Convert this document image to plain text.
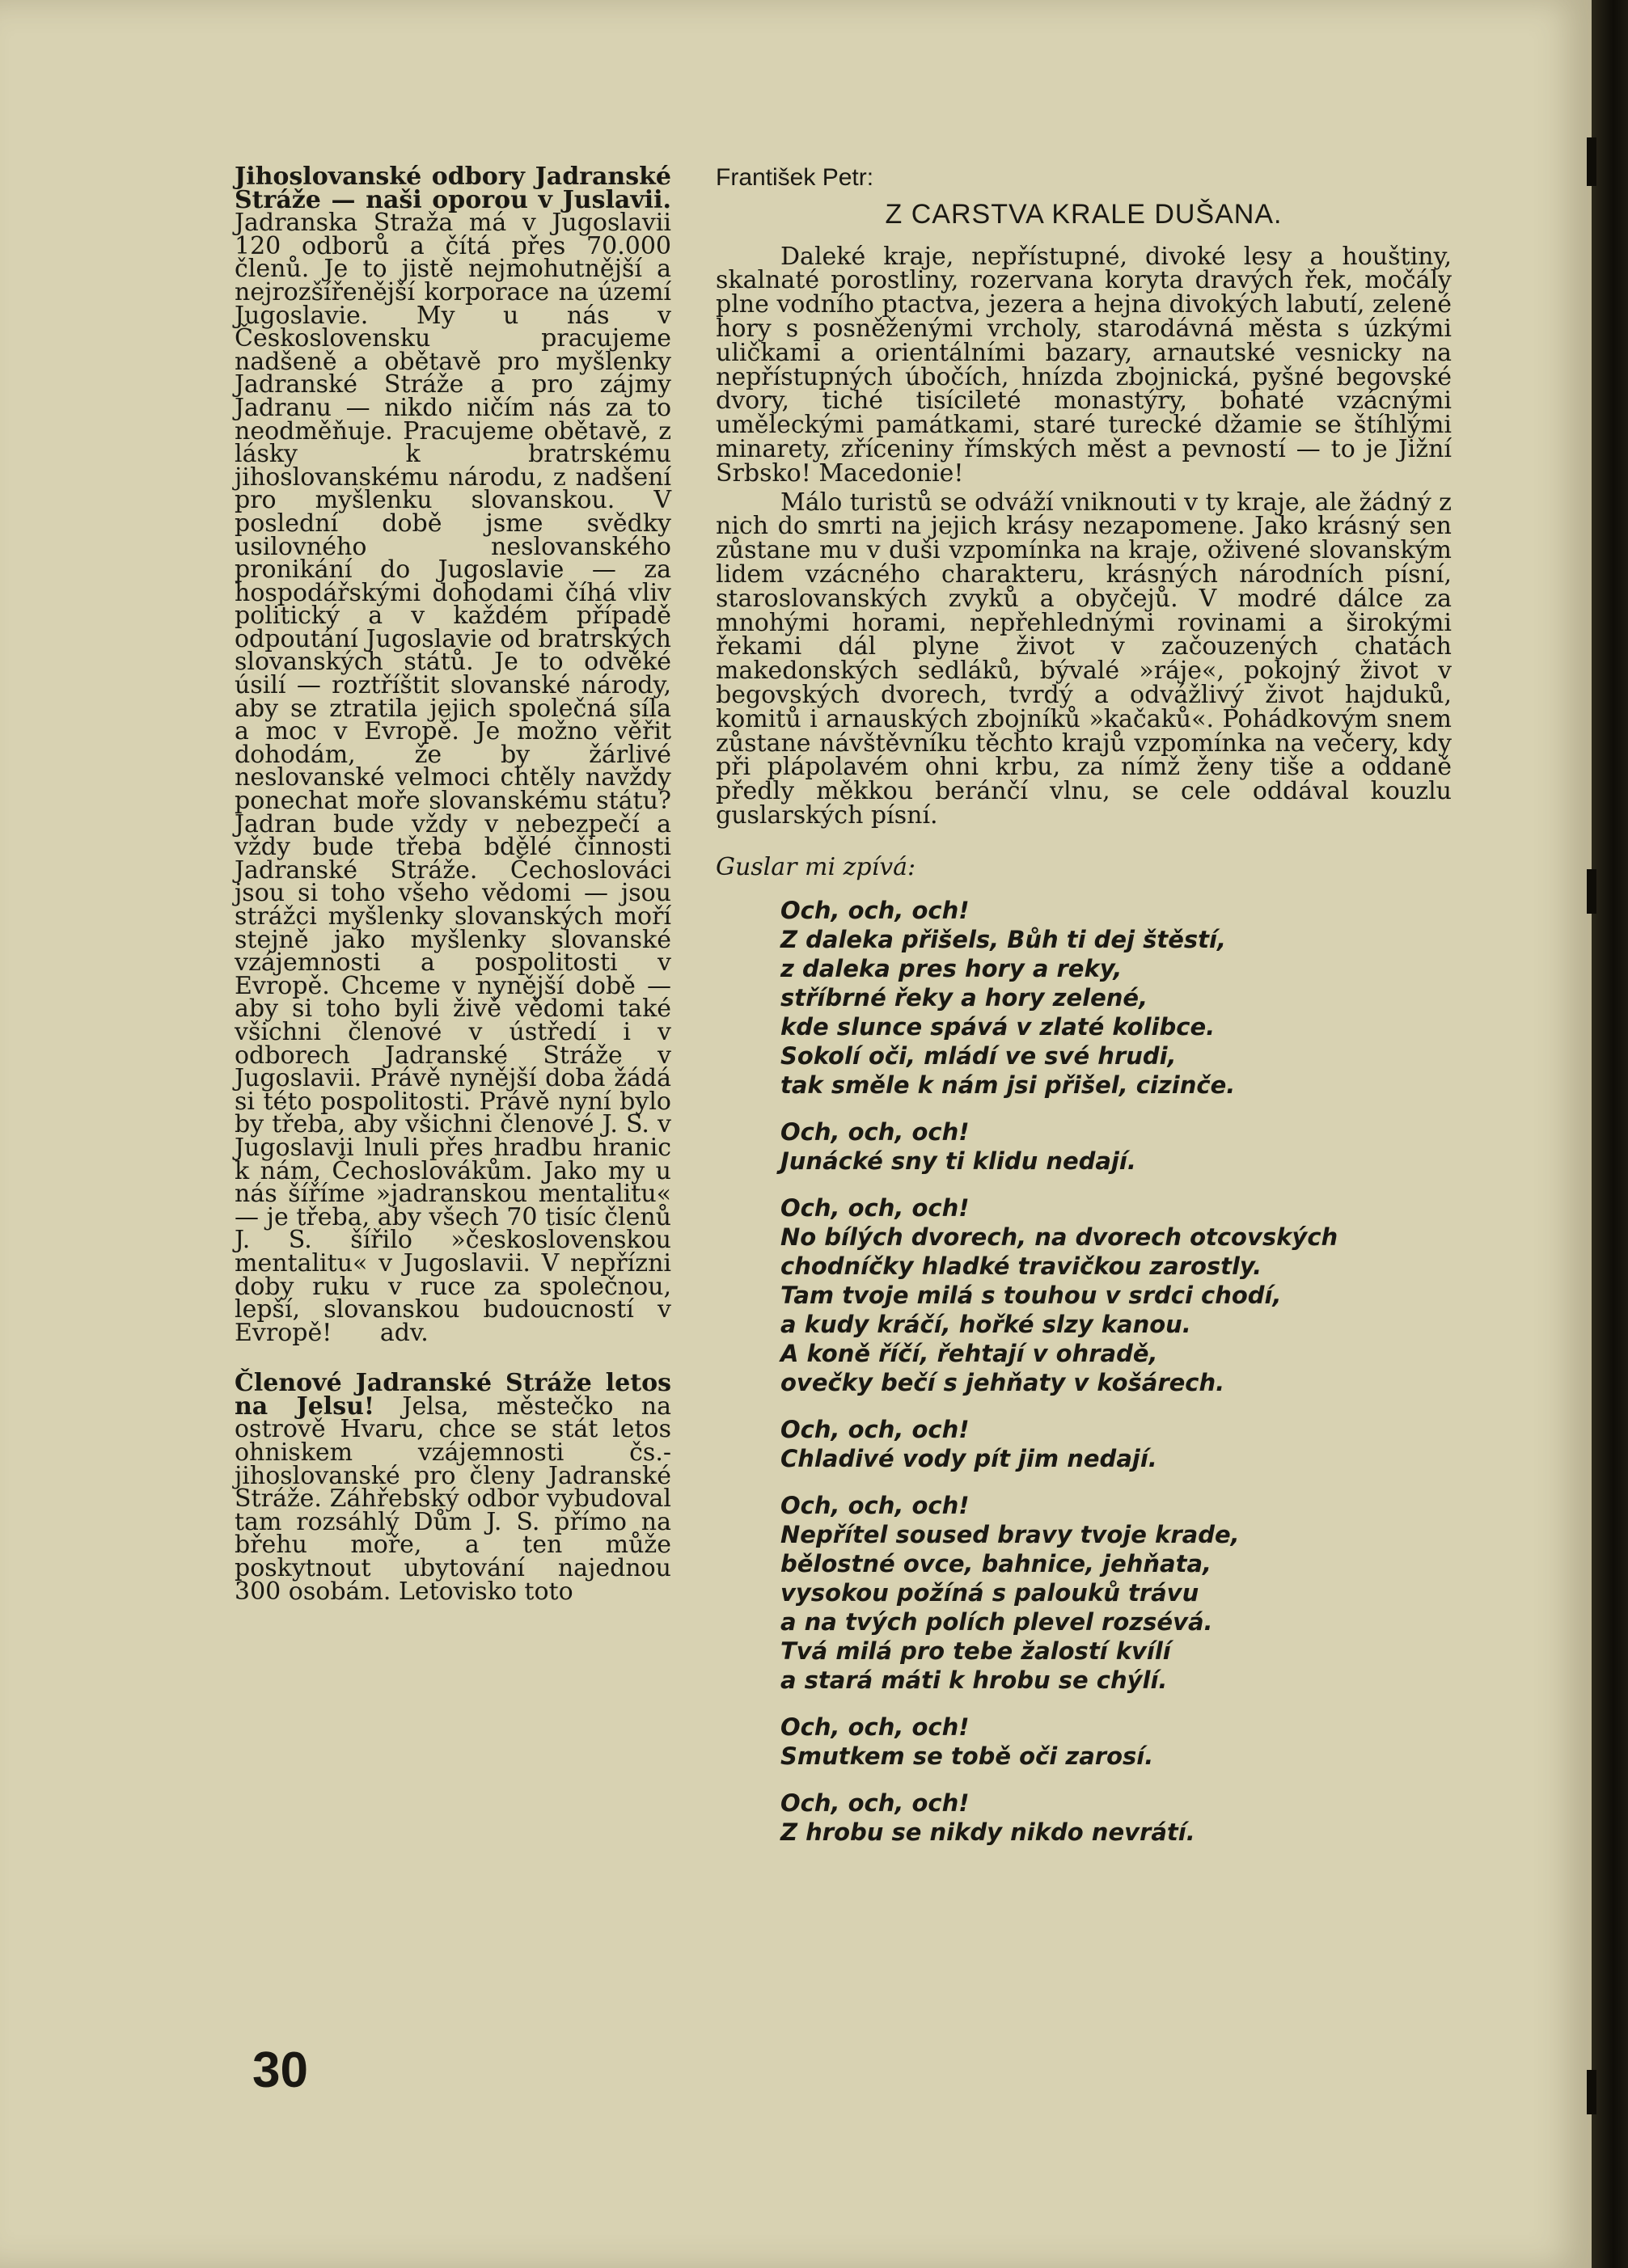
Jihoslovanské odbory Jadranské Stráže — naši oporou v Juslavii. Jadranska Straža má v Jugoslavii 120 odborů a čítá přes 70.000 členů. Je to jistě nejmohutnější a nejrozšířenější korporace na území Jugoslavie. My u nás v Československu pracujeme nadšeně a obětavě pro myšlenky Jadranské Stráže a pro zájmy Jadranu — nikdo ničím nás za to neodměňuje. Pracujeme obětavě, z lásky k bratrskému jihoslovanskému národu, z nadšení pro myšlenku slovanskou. V poslední době jsme svědky usilovného neslovanského pronikání do Jugoslavie — za hospodářskými dohodami číhá vliv politický a v každém případě odpoutání Jugoslavie od bratrských slovanských států. Je to odvěké úsilí — roztříštit slovanské národy, aby se ztratila jejich společná síla a moc v Evropě. Je možno věřit dohodám, že by žárlivé neslovanské velmoci chtěly navždy ponechat moře slovanskému státu? Jadran bude vždy v nebezpečí a vždy bude třeba bdělé činnosti Jadranské Stráže. Čechoslováci jsou si toho všeho vědomi — jsou strážci myšlenky slovanských moří stejně jako myšlenky slovanské vzájemnosti a pospolitosti v Evropě. Chceme v nynější době — aby si toho byli živě vědomi také všichni členové v ústředí i v odborech Jadranské Stráže v Jugoslavii. Právě nynější doba žádá si této pospolitosti. Právě nyní bylo by třeba, aby všichni členové J. S. v Jugoslavii lnuli přes hradbu hranic k nám, Čechoslovákům. Jako my u nás šíříme »jadranskou mentalitu« — je třeba, aby všech 70 tisíc členů J. S. šířilo »československou mentalitu« v Jugoslavii. V nepřízni doby ruku v ruce za společnou, lepší, slovanskou budoucností v Evropě! adv.

Členové Jadranské Stráže letos na Jelsu! Jelsa, městečko na ostrově Hvaru, chce se stát letos ohniskem vzájemnosti čs.-jihoslovanské pro členy Jadranské Stráže. Záhřebský odbor vybudoval tam rozsáhlý Dům J. S. přímo na břehu moře, a ten může poskytnout ubytování najednou 300 osobám. Letovisko toto

František Petr:
Z CARSTVA KRALE DUŠANA.

Daleké kraje, nepřístupné, divoké lesy a houštiny, skalnaté porostliny, rozervana koryta dravých řek, močály plne vodního ptactva, jezera a hejna divokých labutí, zelené hory s posněženými vrcholy, starodávná města s úzkými uličkami a orientálními bazary, arnautské vesnicky na nepřístupných úbočích, hnízda zbojnická, pyšné begovské dvory, tiché tisícileté monastýry, bohaté vzácnými uměleckými památkami, staré turecké džamie se štíhlými minarety, zříceniny římských měst a pevností — to je Jižní Srbsko! Macedonie!

Málo turistů se odváží vniknouti v ty kraje, ale žádný z nich do smrti na jejich krásy nezapomene. Jako krásný sen zůstane mu v duši vzpomínka na kraje, oživené slovanským lidem vzácného charakteru, krásných národních písní, staroslovanských zvyků a obyčejů. V modré dálce za mnohými horami, nepřehlednými rovinami a širokými řekami dál plyne život v začouzených chatách makedonských sedláků, bývalé »ráje«, pokojný život v begovských dvorech, tvrdý a odvážlivý život hajduků, komitů i arnauských zbojníků »kačaků«. Pohádkovým snem zůstane návštěvníku těchto krajů vzpomínka na večery, kdy při plápolavém ohni krbu, za nímž ženy tiše a oddaně předly měkkou beránčí vlnu, se cele oddával kouzlu guslarských písní.

Guslar mi zpívá:
Och, och, och!
Z daleka přišels, Bůh ti dej štěstí,
z daleka pres hory a reky,
stříbrné řeky a hory zelené,
kde slunce spává v zlaté kolibce.
Sokolí oči, mládí ve své hrudi,
tak směle k nám jsi přišel, cizinče.
Och, och, och!
Junácké sny ti klidu nedají.
Och, och, och!
No bílých dvorech, na dvorech otcovských
chodníčky hladké travičkou zarostly.
Tam tvoje milá s touhou v srdci chodí,
a kudy kráčí, hořké slzy kanou.
A koně říčí, řehtají v ohradě,
ovečky bečí s jehňaty v košárech.
Och, och, och!
Chladivé vody pít jim nedají.
Och, och, och!
Nepřítel soused bravy tvoje krade,
bělostné ovce, bahnice, jehňata,
vysokou požíná s palouků trávu
a na tvých polích plevel rozsévá.
Tvá milá pro tebe žalostí kvílí
a stará máti k hrobu se chýlí.
Och, och, och!
Smutkem se tobě oči zarosí.
Och, och, och!
Z hrobu se nikdy nikdo nevrátí.
30
